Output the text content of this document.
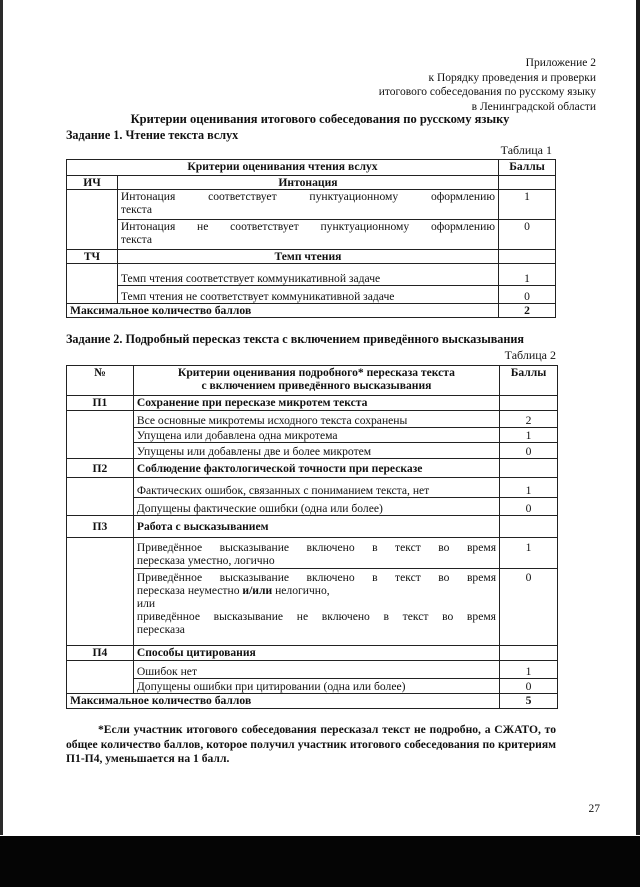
Приложение 2
к Порядку проведения и проверки
итогового собеседования по русскому языку
в Ленинградской области
Критерии оценивания итогового собеседования по русскому языку
Задание 1. Чтение текста вслух
Таблица 1
Критерии оценивания чтения вслух		Баллы
ИЧ	Интонация	

	Интонация соответствует пунктуационному оформлению
текста	1

	Интонация не соответствует пунктуационному оформлению
текста	0
ТЧ	Темп чтения	
	Темп чтения соответствует коммуникативной задаче	1
	Темп чтения не соответствует коммуникативной задаче	0
Максимальное количество баллов		2
Задание 2. Подробный пересказ текста с включением приведённого высказывания
Таблица 2
№	Критерии оценивания подробного* пересказа текста
с включением приведённого высказывания	Баллы
П1	Сохранение при пересказе микротем текста	
	Все основные микротемы исходного текста сохранены	2
	Упущена или добавлена одна микротема	1
	Упущены или добавлены две и более микротем	0
П2	Соблюдение фактологической точности при пересказе	
	Фактических ошибок, связанных с пониманием текста, нет	1
	Допущены фактические ошибки (одна или более)	0
П3	Работа с высказыванием	

	Приведённое высказывание включено в текст во время
пересказа уместно, логично	1

	Приведённое высказывание включено в текст во время
пересказа неуместно и/или нелогично,
или
приведённое высказывание не включено в текст во время
пересказа	0
П4	Способы цитирования	
	Ошибок нет	1
	Допущены ошибки при цитировании (одна или более)	0
Максимальное количество баллов		5
*Если участник итогового собеседования пересказал текст не подробно, а СЖАТО, то общее количество баллов, которое получил участник итогового собеседования по критериям П1-П4, уменьшается на 1 балл.
27
